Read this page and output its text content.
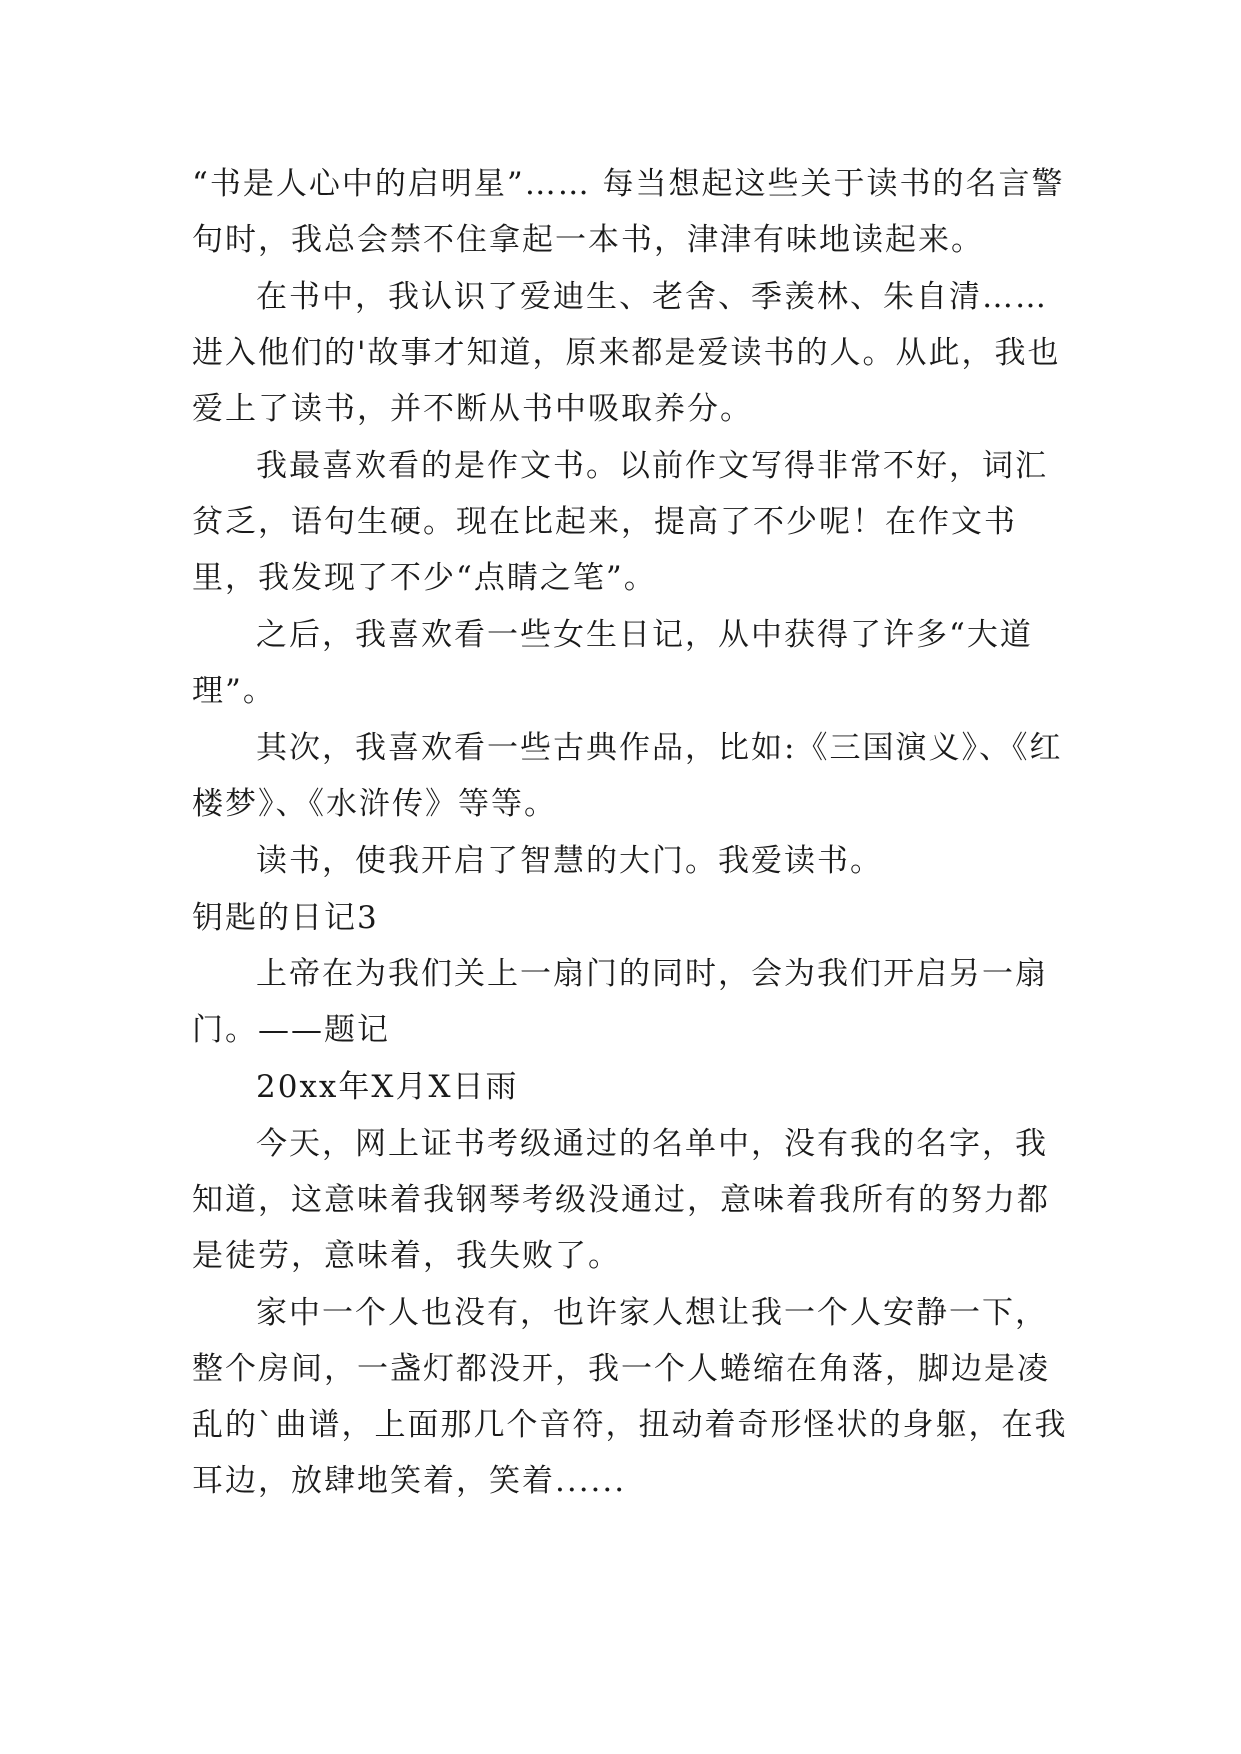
“书是人心中的启明星”…… 每当想起这些关于读书的名言警句时，我总会禁不住拿起一本书，津津有味地读起来。

在书中，我认识了爱迪生、老舍、季羡林、朱自清……进入他们的'故事才知道，原来都是爱读书的人。从此，我也爱上了读书，并不断从书中吸取养分。

我最喜欢看的是作文书。以前作文写得非常不好，词汇贫乏，语句生硬。现在比起来，提高了不少呢！在作文书里，我发现了不少“点睛之笔”。

之后，我喜欢看一些女生日记，从中获得了许多“大道理”。

其次，我喜欢看一些古典作品，比如:《三国演义》、《红楼梦》、《水浒传》等等。

读书，使我开启了智慧的大门。我爱读书。

钥匙的日记3

上帝在为我们关上一扇门的同时，会为我们开启另一扇门。——题记

20xx年X月X日雨

今天，网上证书考级通过的名单中，没有我的名字，我知道，这意味着我钢琴考级没通过，意味着我所有的努力都是徒劳，意味着，我失败了。

家中一个人也没有，也许家人想让我一个人安静一下，整个房间，一盏灯都没开，我一个人蜷缩在角落，脚边是凌乱的`曲谱，上面那几个音符，扭动着奇形怪状的身躯，在我耳边，放肆地笑着，笑着......
